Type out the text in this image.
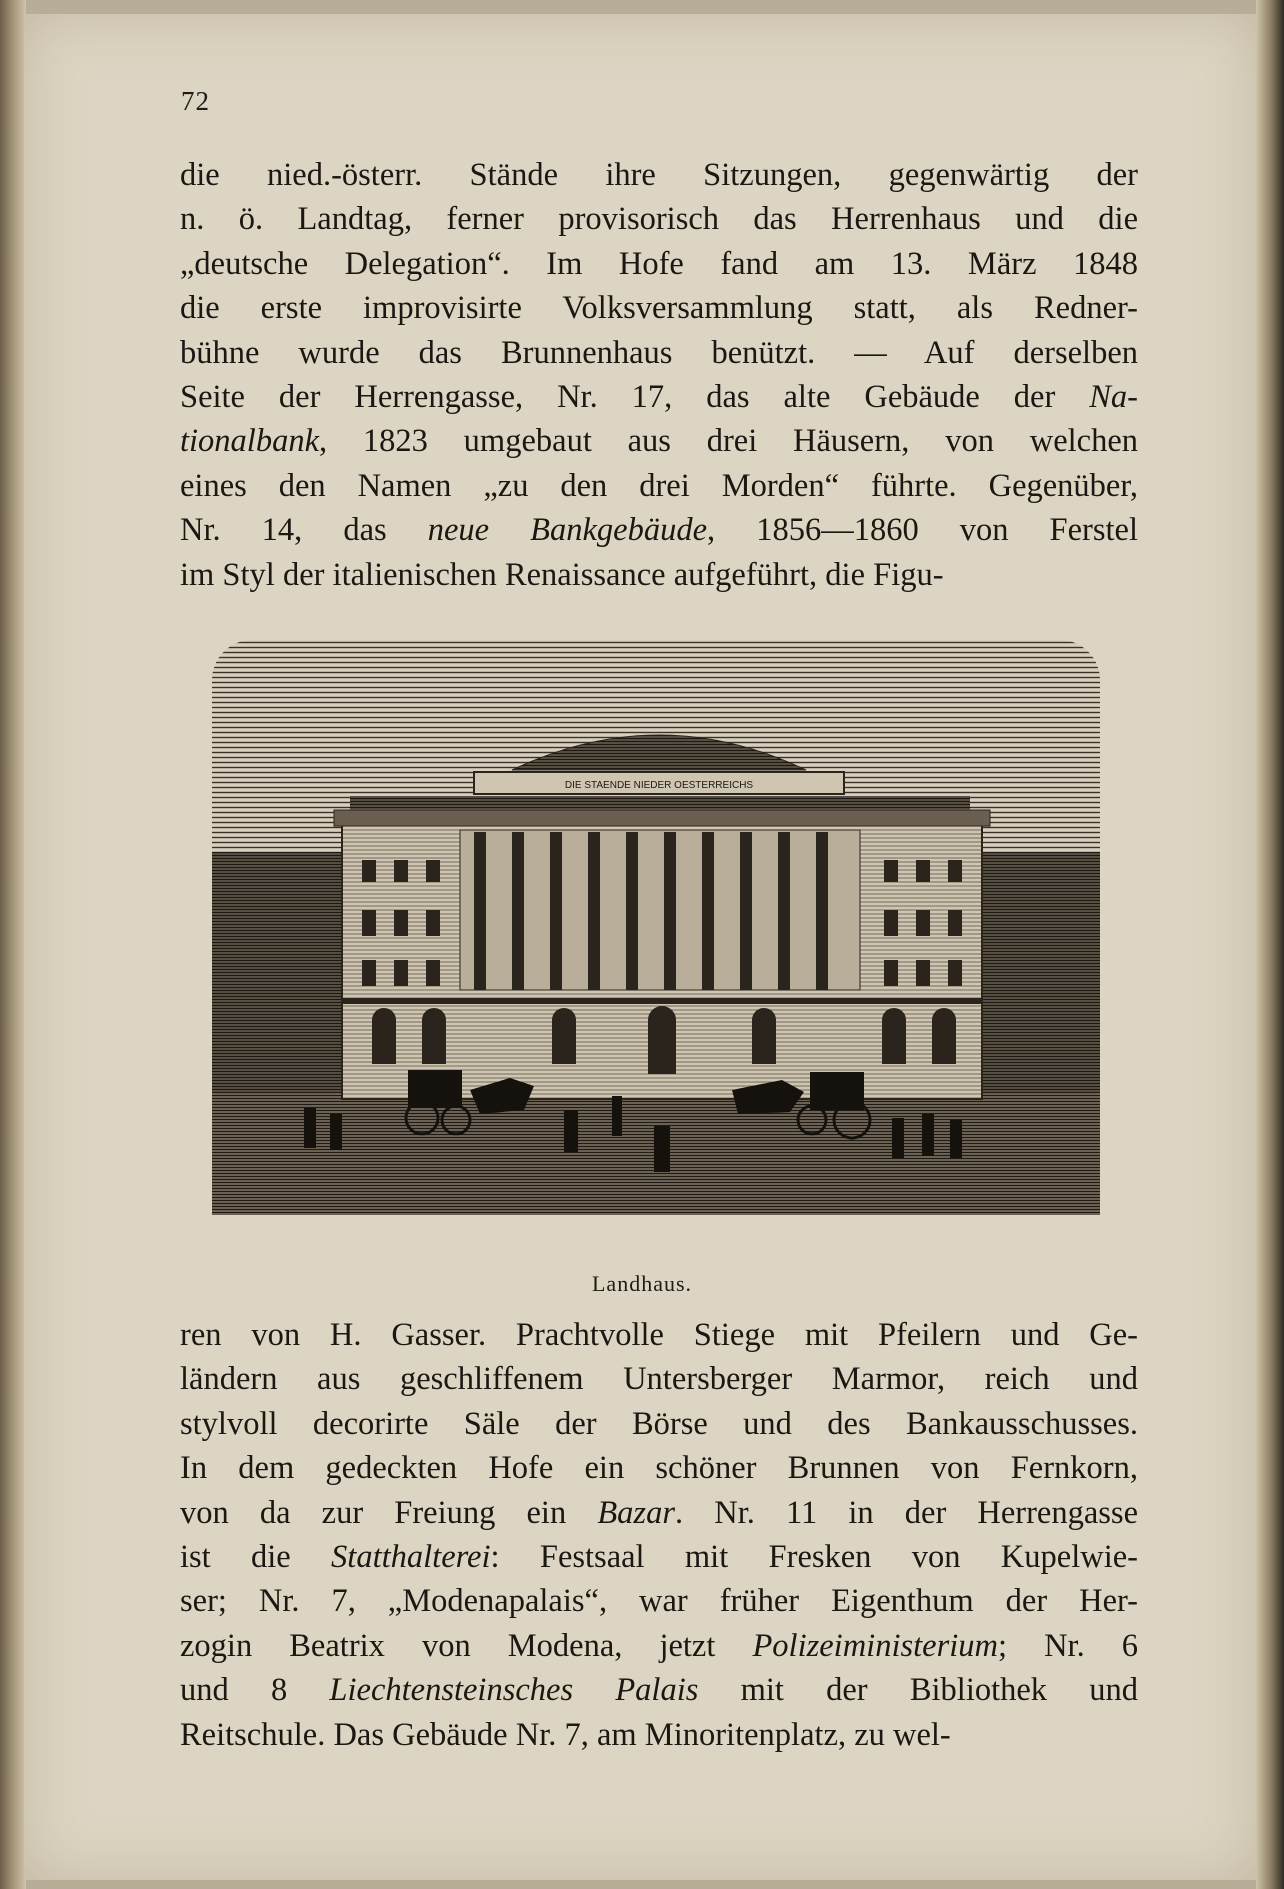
72
die nied.-österr. Stände ihre Sitzungen, gegenwärtig der
n. ö. Landtag, ferner provisorisch das Herrenhaus und die
„deutsche Delegation“. Im Hofe fand am 13. März 1848
die erste improvisirte Volksversammlung statt, als Redner-
bühne wurde das Brunnenhaus benützt. — Auf derselben
Seite der Herrengasse, Nr. 17, das alte Gebäude der Na-
tionalbank, 1823 umgebaut aus drei Häusern, von welchen
eines den Namen „zu den drei Morden“ führte. Gegenüber,
Nr. 14, das neue Bankgebäude, 1856—1860 von Ferstel
im Styl der italienischen Renaissance aufgeführt, die Figu-
DIE STAENDE NIEDER OESTERREICHS
Landhaus.
ren von H. Gasser. Prachtvolle Stiege mit Pfeilern und Ge-
ländern aus geschliffenem Untersberger Marmor, reich und
stylvoll decorirte Säle der Börse und des Bankausschusses.
In dem gedeckten Hofe ein schöner Brunnen von Fernkorn,
von da zur Freiung ein Bazar. Nr. 11 in der Herrengasse
ist die Statthalterei: Festsaal mit Fresken von Kupelwie-
ser; Nr. 7, „Modenapalais“, war früher Eigenthum der Her-
zogin Beatrix von Modena, jetzt Polizeiministerium; Nr. 6
und 8 Liechtensteinsches Palais mit der Bibliothek und
Reitschule. Das Gebäude Nr. 7, am Minoritenplatz, zu wel-
